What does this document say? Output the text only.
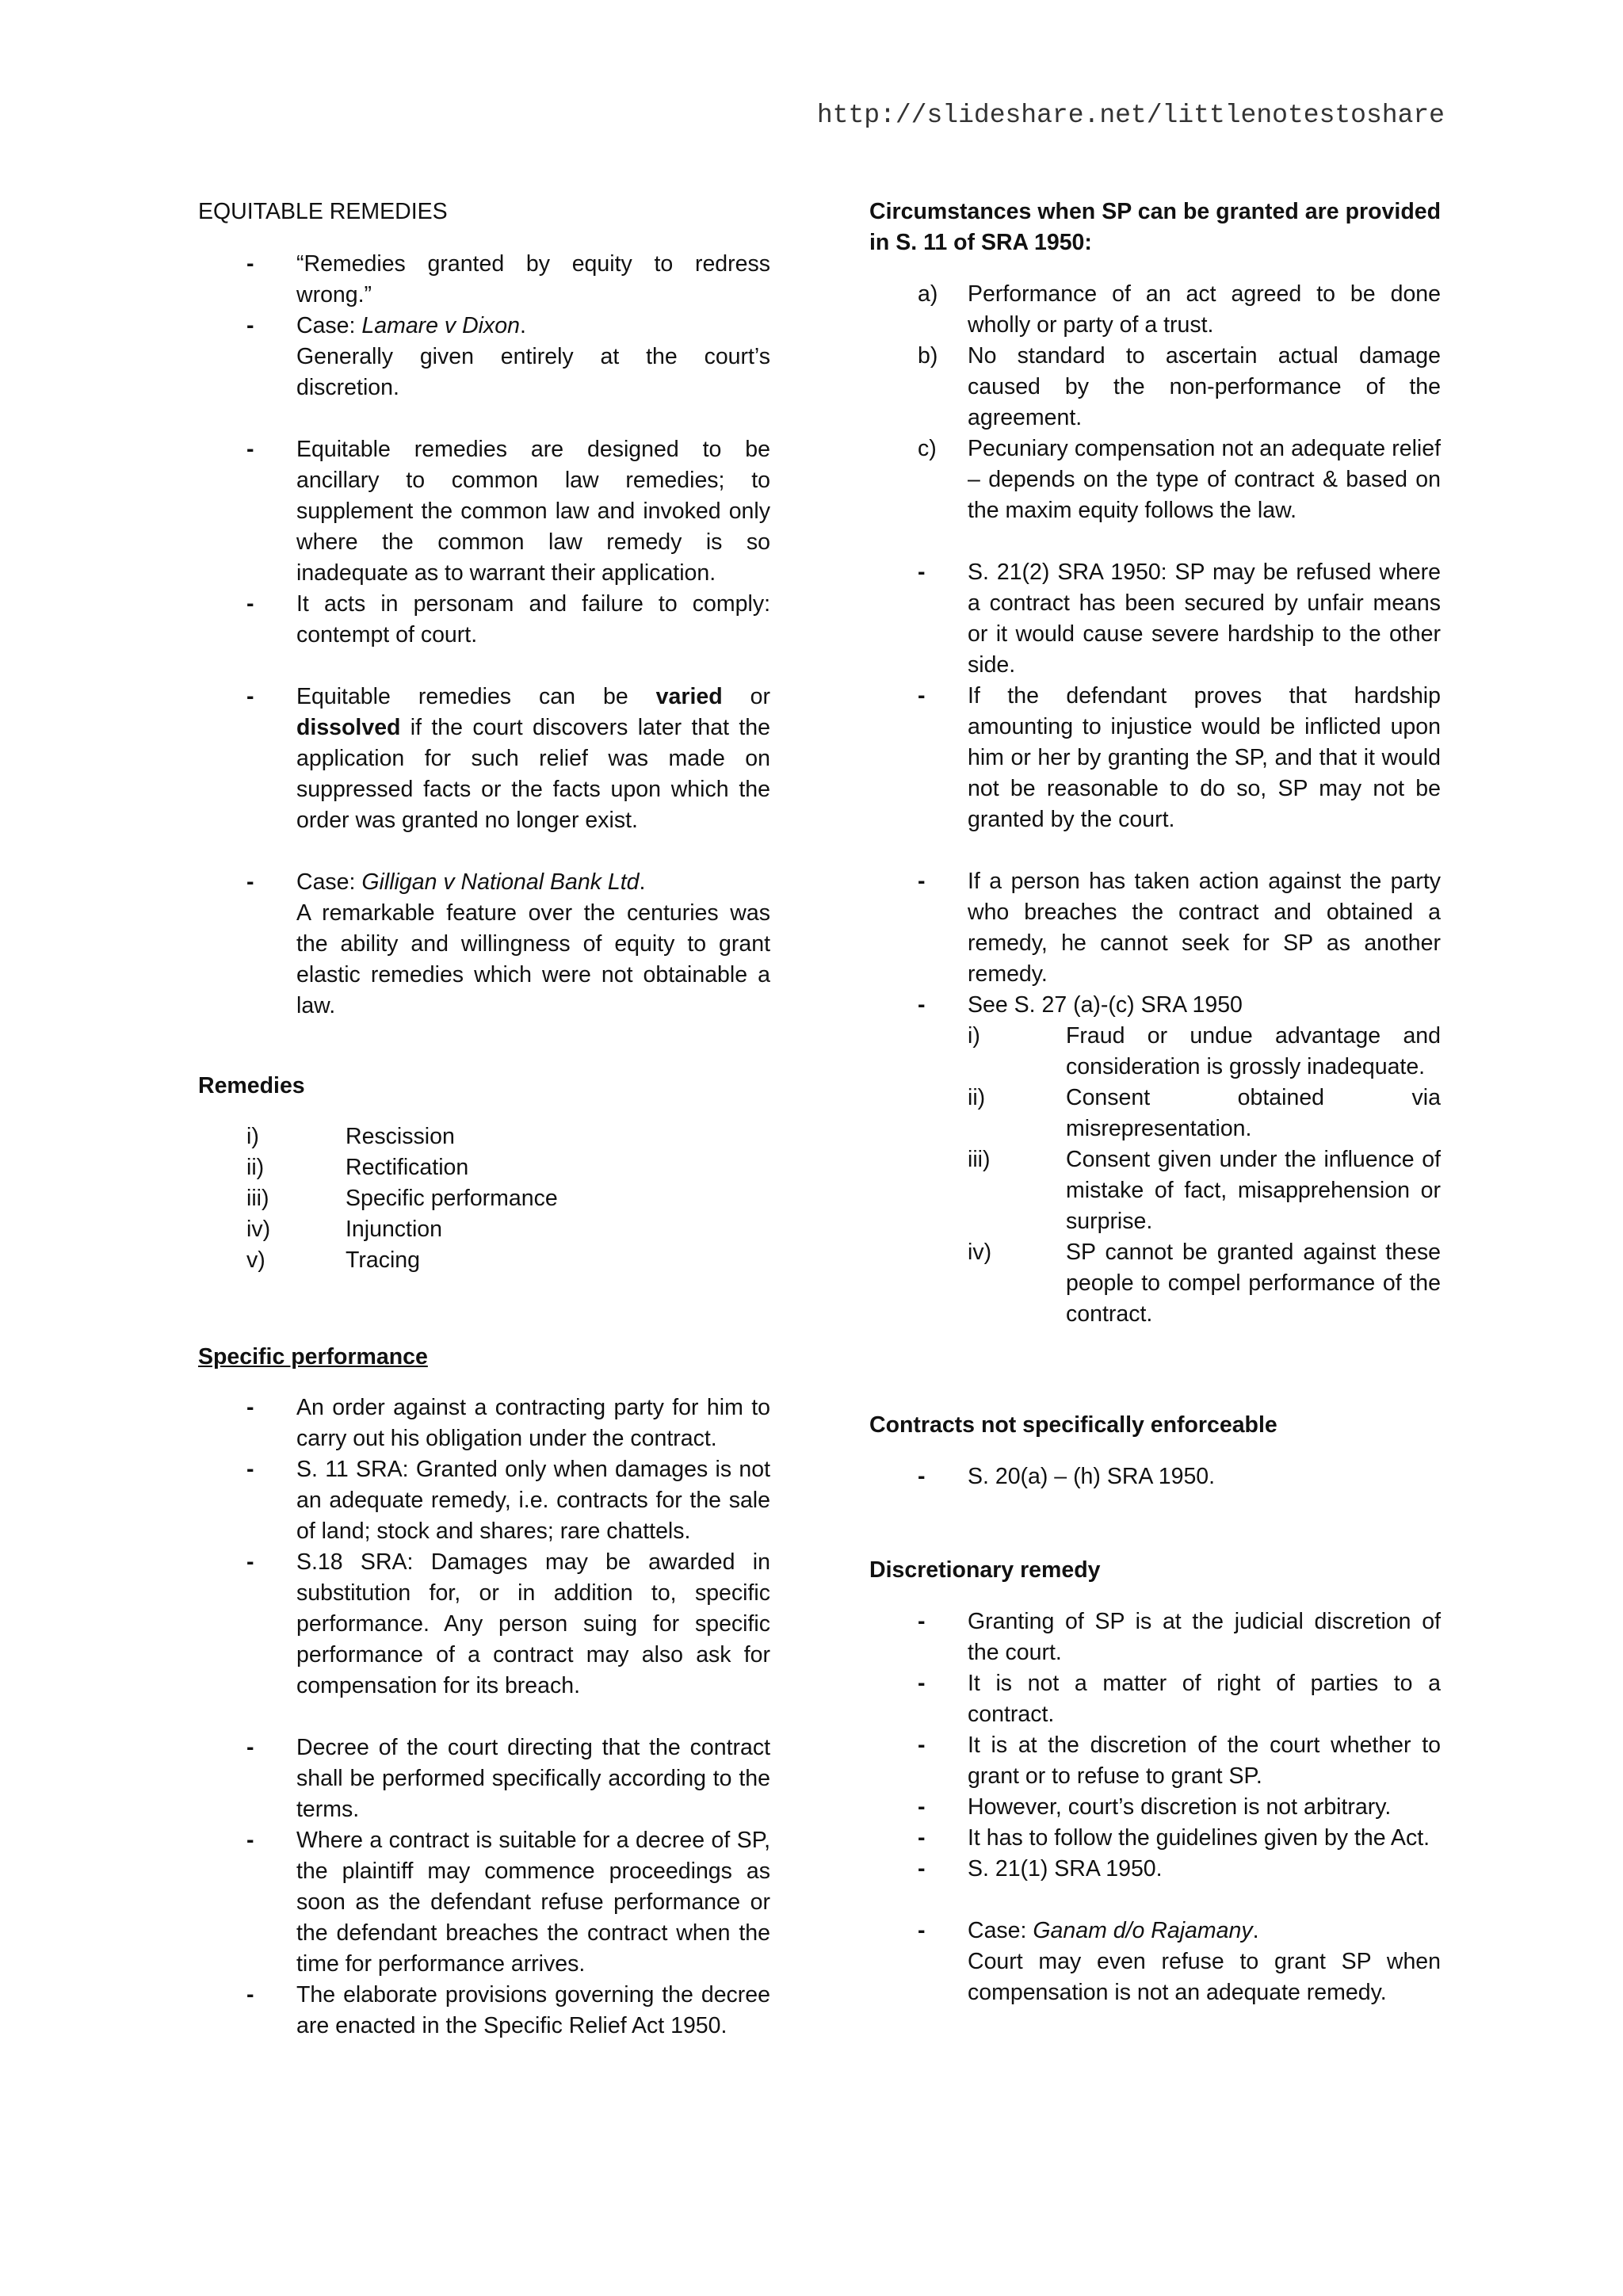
http://slideshare.net/littlenotestoshare

EQUITABLE REMEDIES

- “Remedies granted by equity to redress wrong.”
- Case: Lamare v Dixon.
Generally given entirely at the court’s discretion.
- Equitable remedies are designed to be ancillary to common law remedies; to supplement the common law and invoked only where the common law remedy is so inadequate as to warrant their application.
- It acts in personam and failure to comply: contempt of court.
- Equitable remedies can be varied or dissolved if the court discovers later that the application for such relief was made on suppressed facts or the facts upon which the order was granted no longer exist.
- Case: Gilligan v National Bank Ltd.
A remarkable feature over the centuries was the ability and willingness of equity to grant elastic remedies which were not obtainable a law.

Remedies

i)	Rescission
ii)	Rectification
iii)	Specific performance
iv)	Injunction
v)	Tracing

Specific performance

- An order against a contracting party for him to carry out his obligation under the contract.
- S. 11 SRA: Granted only when damages is not an adequate remedy, i.e. contracts for the sale of land; stock and shares; rare chattels.
- S.18 SRA: Damages may be awarded in substitution for, or in addition to, specific performance. Any person suing for specific performance of a contract may also ask for compensation for its breach.
- Decree of the court directing that the contract shall be performed specifically according to the terms.
- Where a contract is suitable for a decree of SP, the plaintiff may commence proceedings as soon as the defendant refuse performance or the defendant breaches the contract when the time for performance arrives.
- The elaborate provisions governing the decree are enacted in the Specific Relief Act 1950.

Circumstances when SP can be granted are provided in S. 11 of SRA 1950:

a) Performance of an act agreed to be done wholly or party of a trust.
b) No standard to ascertain actual damage caused by the non-performance of the agreement.
c) Pecuniary compensation not an adequate relief – depends on the type of contract & based on the maxim equity follows the law.
- S. 21(2) SRA 1950: SP may be refused where a contract has been secured by unfair means or it would cause severe hardship to the other side.
- If the defendant proves that hardship amounting to injustice would be inflicted upon him or her by granting the SP, and that it would not be reasonable to do so, SP may not be granted by the court.
- If a person has taken action against the party who breaches the contract and obtained a remedy, he cannot seek for SP as another remedy.
- See S. 27 (a)-(c) SRA 1950
i)	Fraud or undue advantage and consideration is grossly inadequate.
ii)	Consent obtained via misrepresentation.
iii)	Consent given under the influence of mistake of fact, misapprehension or surprise.
iv)	SP cannot be granted against these people to compel performance of the contract.

Contracts not specifically enforceable

- S. 20(a) – (h) SRA 1950.

Discretionary remedy

- Granting of SP is at the judicial discretion of the court.
- It is not a matter of right of parties to a contract.
- It is at the discretion of the court whether to grant or to refuse to grant SP.
- However, court’s discretion is not arbitrary.
- It has to follow the guidelines given by the Act.
- S. 21(1) SRA 1950.
- Case: Ganam d/o Rajamany.
Court may even refuse to grant SP when compensation is not an adequate remedy.
